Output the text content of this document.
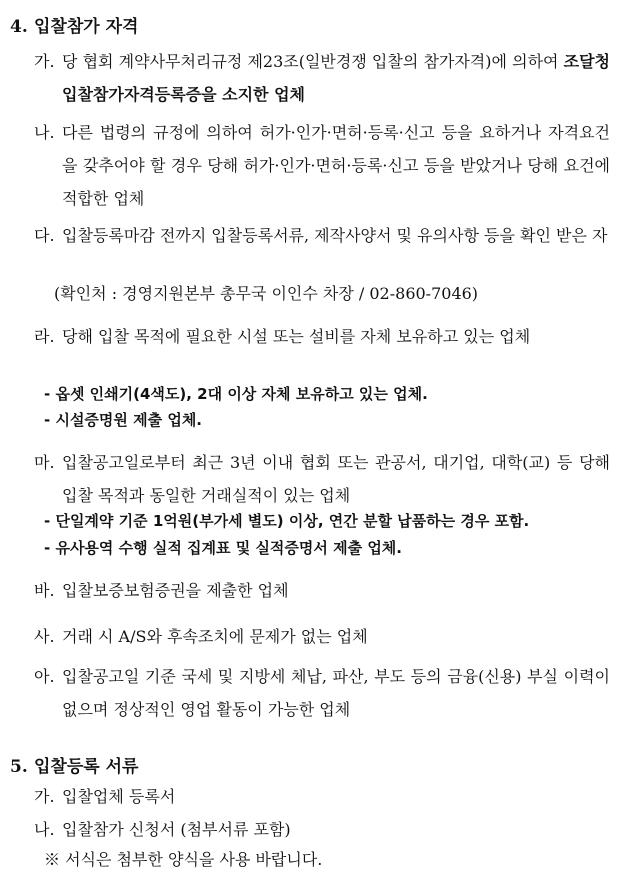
4. 입찰참가 자격
가. 당 협회 계약사무처리규정 제23조(일반경쟁 입찰의 참가자격)에 의하여 조달청 입찰참가자격등록증을 소지한 업체
나. 다른 법령의 규정에 의하여 허가·인가·면허·등록·신고 등을 요하거나 자격요건을 갖추어야 할 경우 당해 허가·인가·면허·등록·신고 등을 받았거나 당해 요건에 적합한 업체
다. 입찰등록마감 전까지 입찰등록서류, 제작사양서 및 유의사항 등을 확인 받은 자
(확인처 : 경영지원본부 총무국 이인수 차장 / 02-860-7046)
라. 당해 입찰 목적에 필요한 시설 또는 설비를 자체 보유하고 있는 업체
- 옵셋 인쇄기(4색도), 2대 이상 자체 보유하고 있는 업체.
- 시설증명원 제출 업체.
마. 입찰공고일로부터 최근 3년 이내 협회 또는 관공서, 대기업, 대학(교) 등 당해 입찰 목적과 동일한 거래실적이 있는 업체
- 단일계약 기준 1억원(부가세 별도) 이상, 연간 분할 납품하는 경우 포함.
- 유사용역 수행 실적 집계표 및 실적증명서 제출 업체.
바. 입찰보증보험증권을 제출한 업체
사. 거래 시 A/S와 후속조치에 문제가 없는 업체
아. 입찰공고일 기준 국세 및 지방세 체납, 파산, 부도 등의 금융(신용) 부실 이력이 없으며 정상적인 영업 활동이 가능한 업체
5. 입찰등록 서류
가. 입찰업체 등록서
나. 입찰참가 신청서 (첨부서류 포함)
※ 서식은 첨부한 양식을 사용 바랍니다.
